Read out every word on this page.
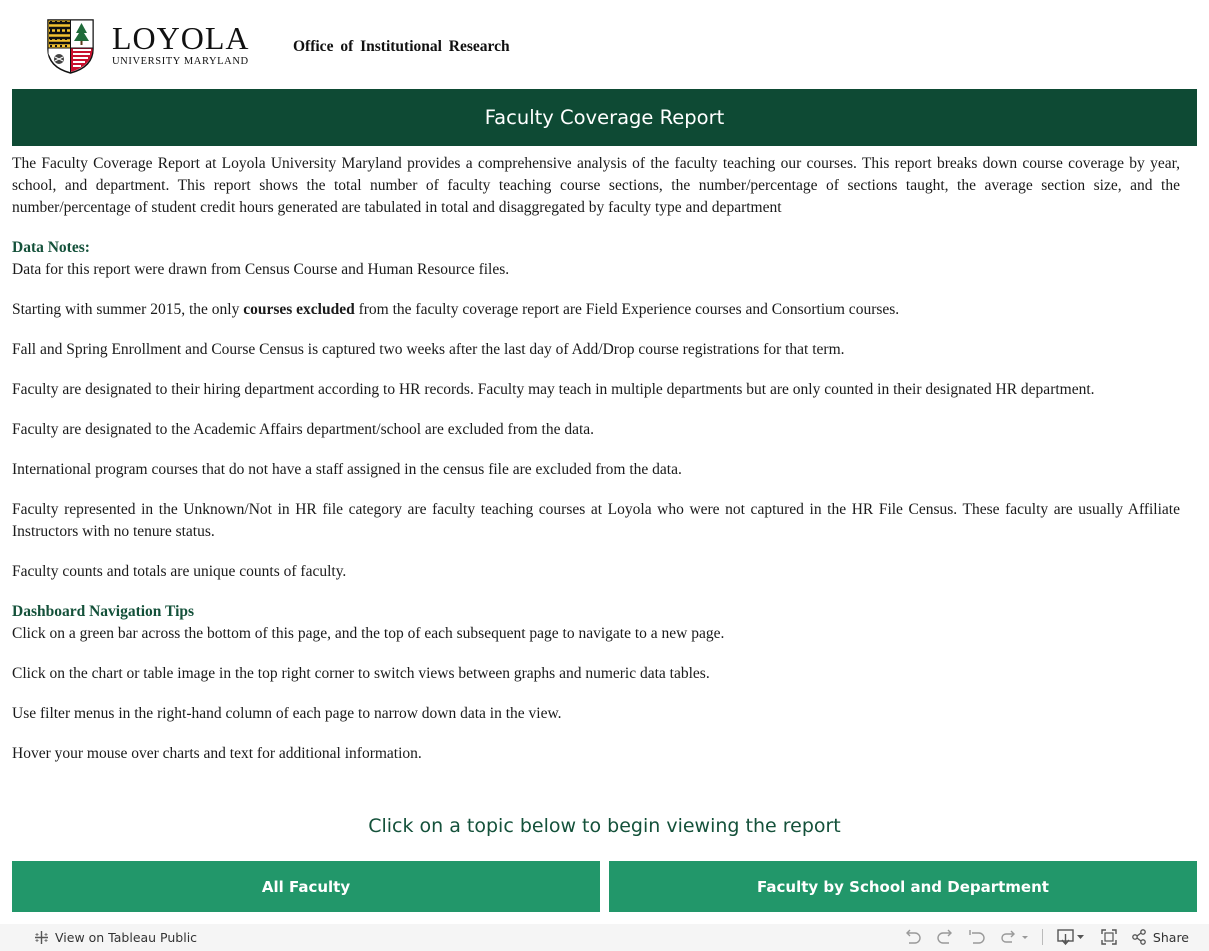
LOYOLA
UNIVERSITY MARYLAND
Office of Institutional Research
Faculty Coverage Report

The Faculty Coverage Report at Loyola University Maryland provides a comprehensive analysis of the faculty teaching our courses. This report breaks down course coverage by year, school, and department. This report shows the total number of faculty teaching course sections, the number/percentage of sections taught, the average section size, and the number/percentage of student credit hours generated are tabulated in total and disaggregated by faculty type and department

Data Notes:

Data for this report were drawn from Census Course and Human Resource files.

Starting with summer 2015, the only courses excluded from the faculty coverage report are Field Experience courses and Consortium courses.

Fall and Spring Enrollment and Course Census is captured two weeks after the last day of Add/Drop course registrations for that term.

Faculty are designated to their hiring department according to HR records. Faculty may teach in multiple departments but are only counted in their designated HR department.

Faculty are designated to the Academic Affairs department/school are excluded from the data.

International program courses that do not have a staff assigned in the census file are excluded from the data.

Faculty represented in the Unknown/Not in HR file category are faculty teaching courses at Loyola who were not captured in the HR File Census. These faculty are usually Affiliate Instructors with no tenure status.

Faculty counts and totals are unique counts of faculty.

Dashboard Navigation Tips

Click on a green bar across the bottom of this page, and the top of each subsequent page to navigate to a new page.

Click on the chart or table image in the top right corner to switch views between graphs and numeric data tables.

Use filter menus in the right-hand column of each page to narrow down data in the view.

Hover your mouse over charts and text for additional information.

Click on a topic below to begin viewing the report
All Faculty	Faculty by School and Department
View on Tableau Public	Share
